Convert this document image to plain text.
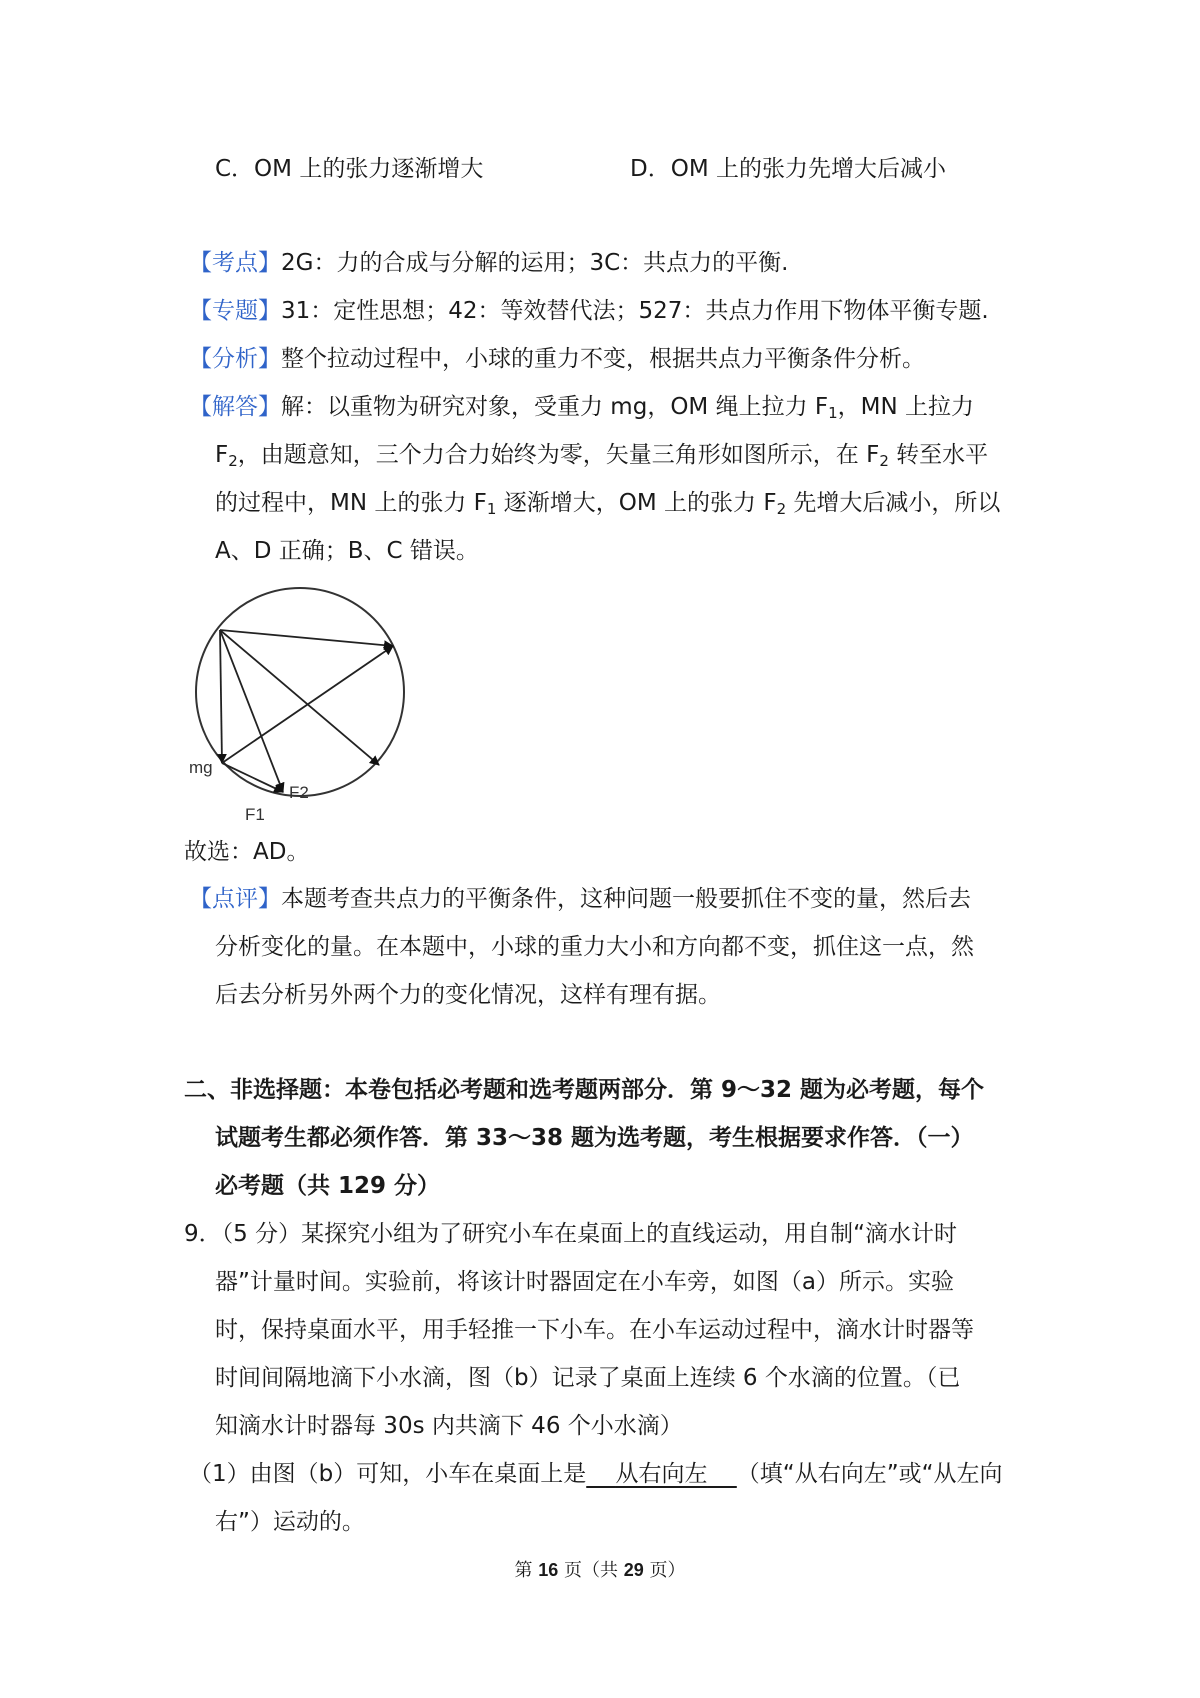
C．OM 上的张力逐渐增大	D．OM 上的张力先增大后减小
【考点】2G：力的合成与分解的运用；3C：共点力的平衡.
【专题】31：定性思想；42：等效替代法；527：共点力作用下物体平衡专题.
【分析】整个拉动过程中，小球的重力不变，根据共点力平衡条件分析。
【解答】解：以重物为研究对象，受重力 mg，OM 绳上拉力 $F_1$，MN 上拉力
$F_2$，由题意知，三个力合力始终为零，矢量三角形如图所示，在 $F_2$ 转至水平
的过程中，MN 上的张力 $F_1$ 逐渐增大，OM 上的张力 $F_2$ 先增大后减小，所以
A、D 正确；B、C 错误。
mg
F2
F1
故选：AD。
【点评】本题考查共点力的平衡条件，这种问题一般要抓住不变的量，然后去
分析变化的量。在本题中，小球的重力大小和方向都不变，抓住这一点，然
后去分析另外两个力的变化情况，这样有理有据。
二、非选择题：本卷包括必考题和选考题两部分．第 9～32 题为必考题，每个
试题考生都必须作答．第 33～38 题为选考题，考生根据要求作答．（一）
必考题（共 129 分）
9．（5 分）某探究小组为了研究小车在桌面上的直线运动，用自制“滴水计时
器”计量时间。实验前，将该计时器固定在小车旁，如图（a）所示。实验
时，保持桌面水平，用手轻推一下小车。在小车运动过程中，滴水计时器等
时间间隔地滴下小水滴，图（b）记录了桌面上连续 6 个水滴的位置。（已
知滴水计时器每 30s 内共滴下 46 个小水滴）
（1）由图（b）可知，小车在桌面上是   从右向左   （填“从右向左”或“从左向
右”）运动的。
第 16 页（共 29 页）
